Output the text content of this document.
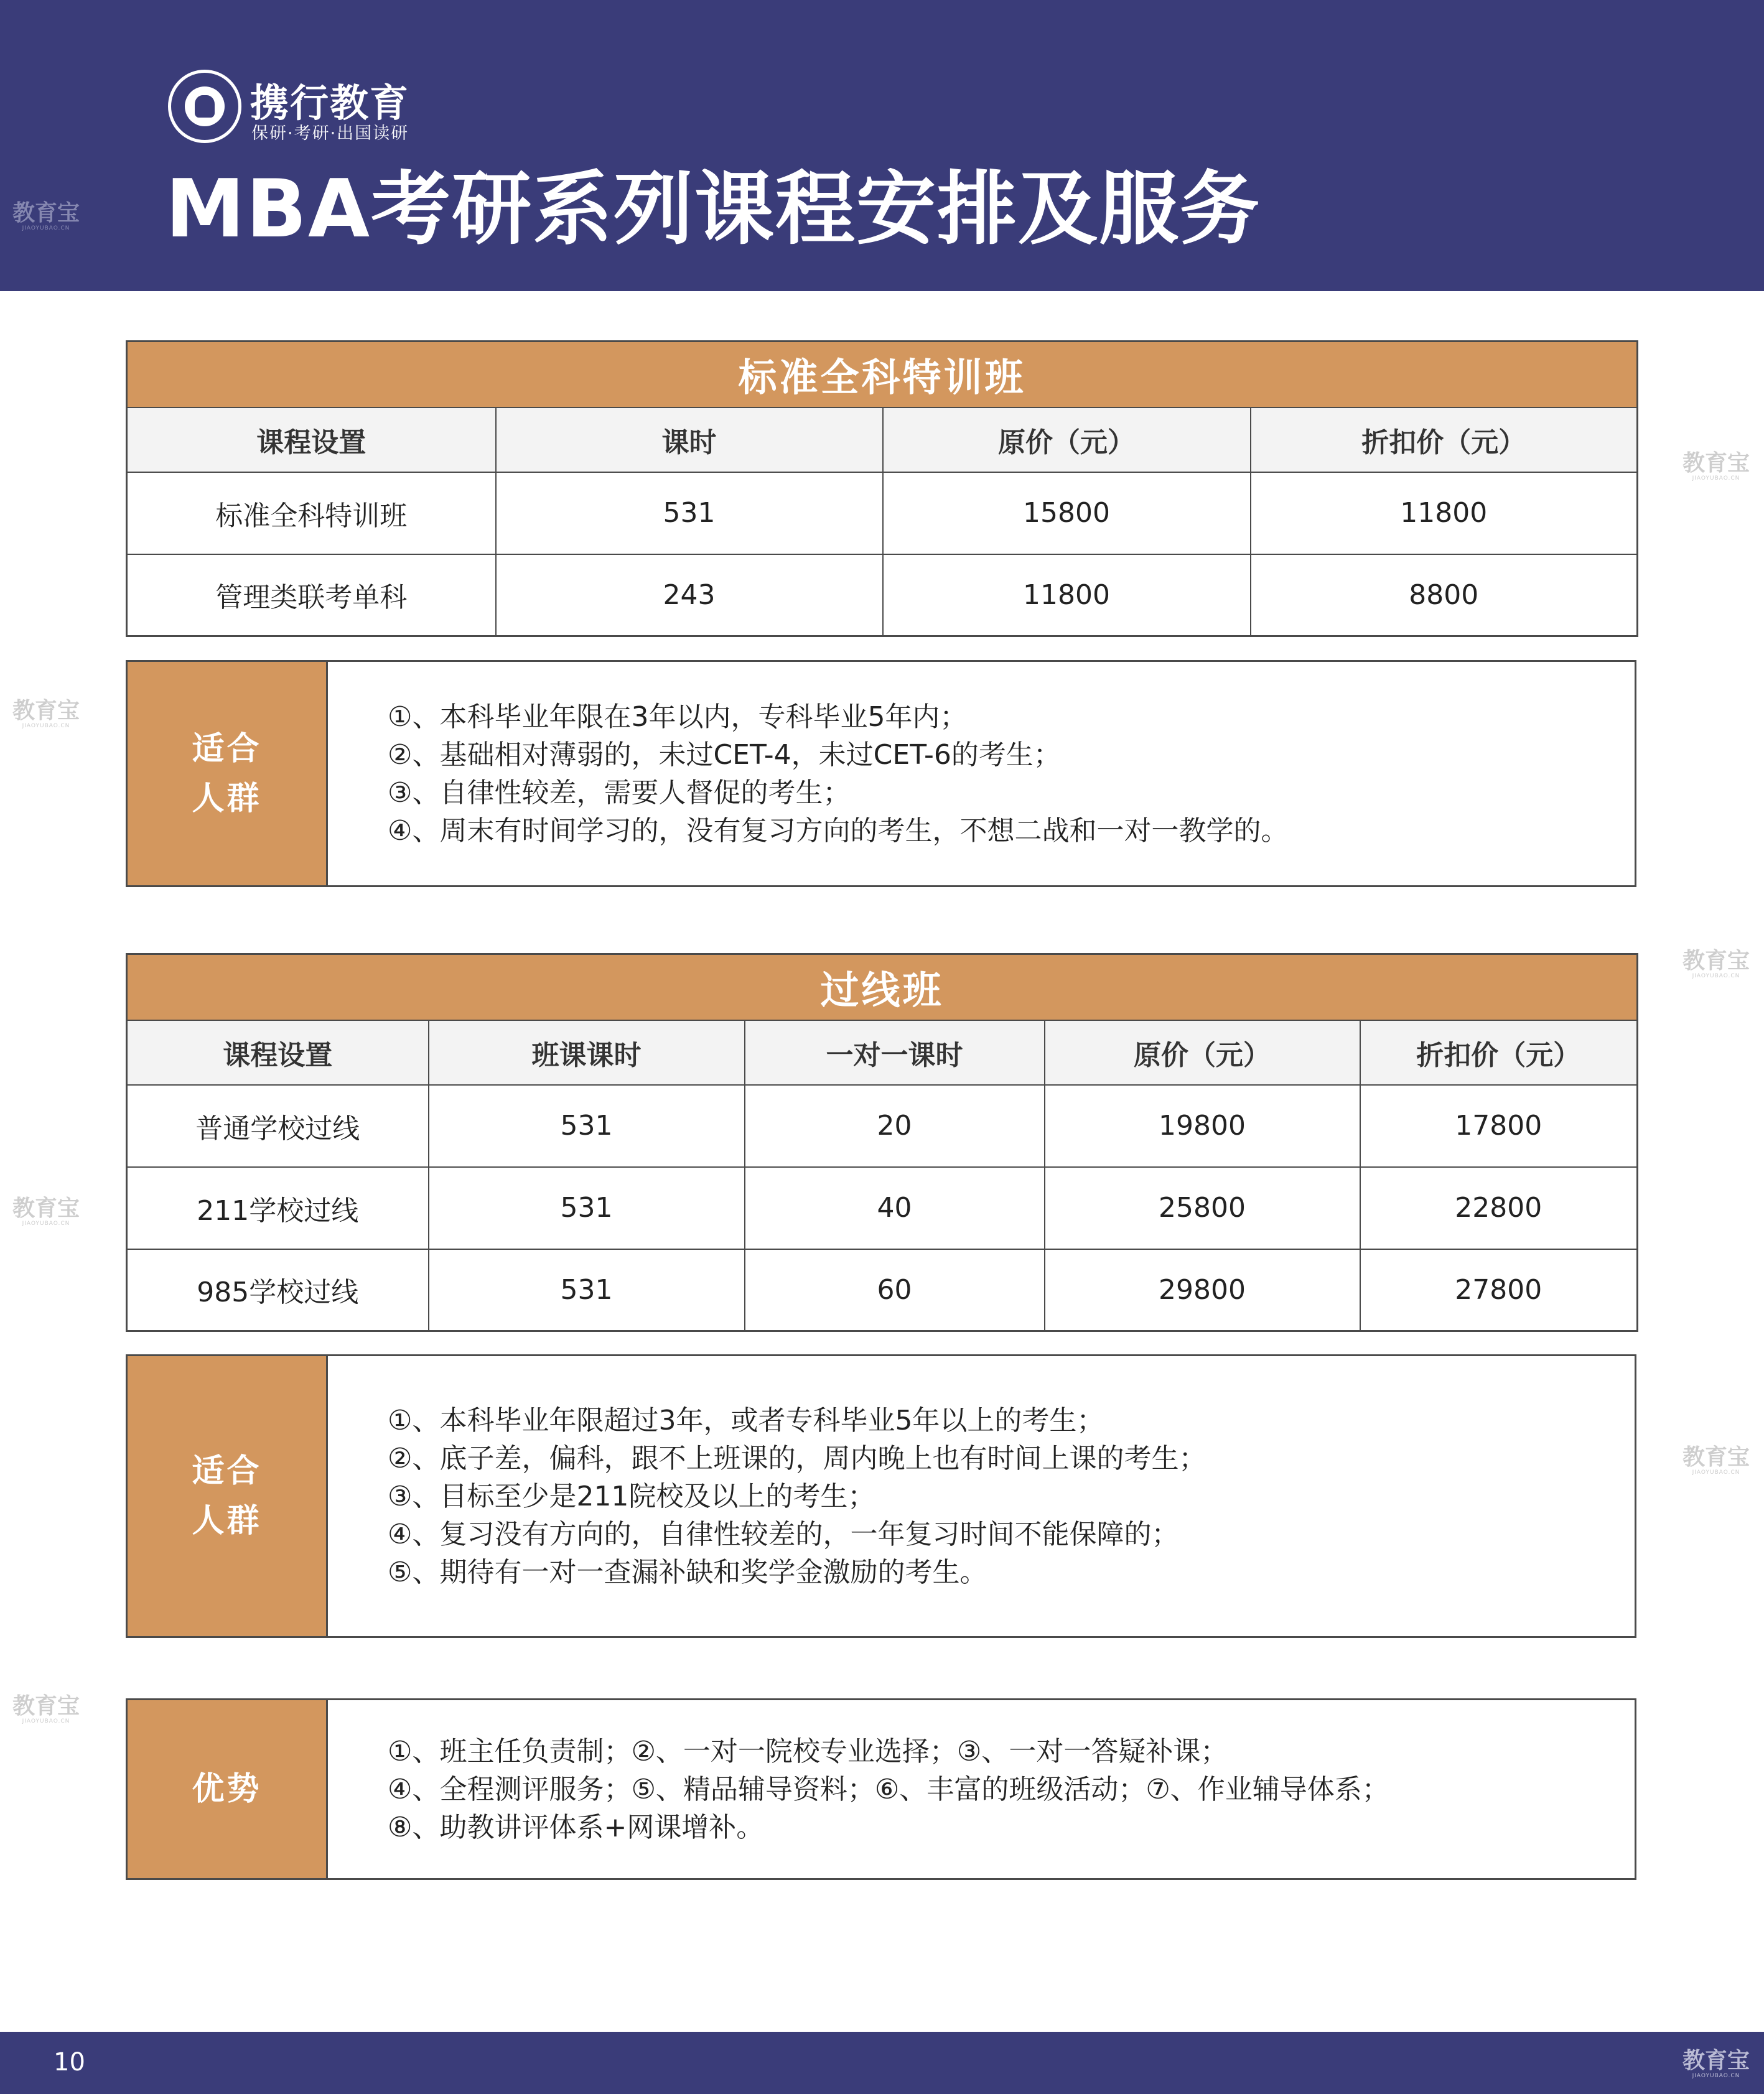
携行教育
保研·考研·出国读研
MBA考研系列课程安排及服务
教育宝
JIAOYUBAO.CN
教育宝
JIAOYUBAO.CN
教育宝
JIAOYUBAO.CN
教育宝
JIAOYUBAO.CN
教育宝
JIAOYUBAO.CN
教育宝
JIAOYUBAO.CN
教育宝
JIAOYUBAO.CN
标准全科特训班			
课程设置	课时	原价（元）	折扣价（元）
标准全科特训班	531	15800	11800
管理类联考单科	243	11800	8800
适合
人群
①、本科毕业年限在3年以内，专科毕业5年内；
②、基础相对薄弱的，未过CET-4，未过CET-6的考生；
③、自律性较差，需要人督促的考生；
④、周末有时间学习的，没有复习方向的考生，不想二战和一对一教学的。
过线班				
课程设置	班课课时	一对一课时	原价（元）	折扣价（元）
普通学校过线	531	20	19800	17800
211学校过线	531	40	25800	22800
985学校过线	531	60	29800	27800
适合
人群
①、本科毕业年限超过3年，或者专科毕业5年以上的考生；
②、底子差，偏科，跟不上班课的，周内晚上也有时间上课的考生；
③、目标至少是211院校及以上的考生；
④、复习没有方向的，自律性较差的，一年复习时间不能保障的；
⑤、期待有一对一查漏补缺和奖学金激励的考生。
优势
①、班主任负责制；②、一对一院校专业选择；③、一对一答疑补课；
④、全程测评服务；⑤、精品辅导资料；⑥、丰富的班级活动；⑦、作业辅导体系；
⑧、助教讲评体系+网课增补。
10	教育宝
JIAOYUBAO.CN
